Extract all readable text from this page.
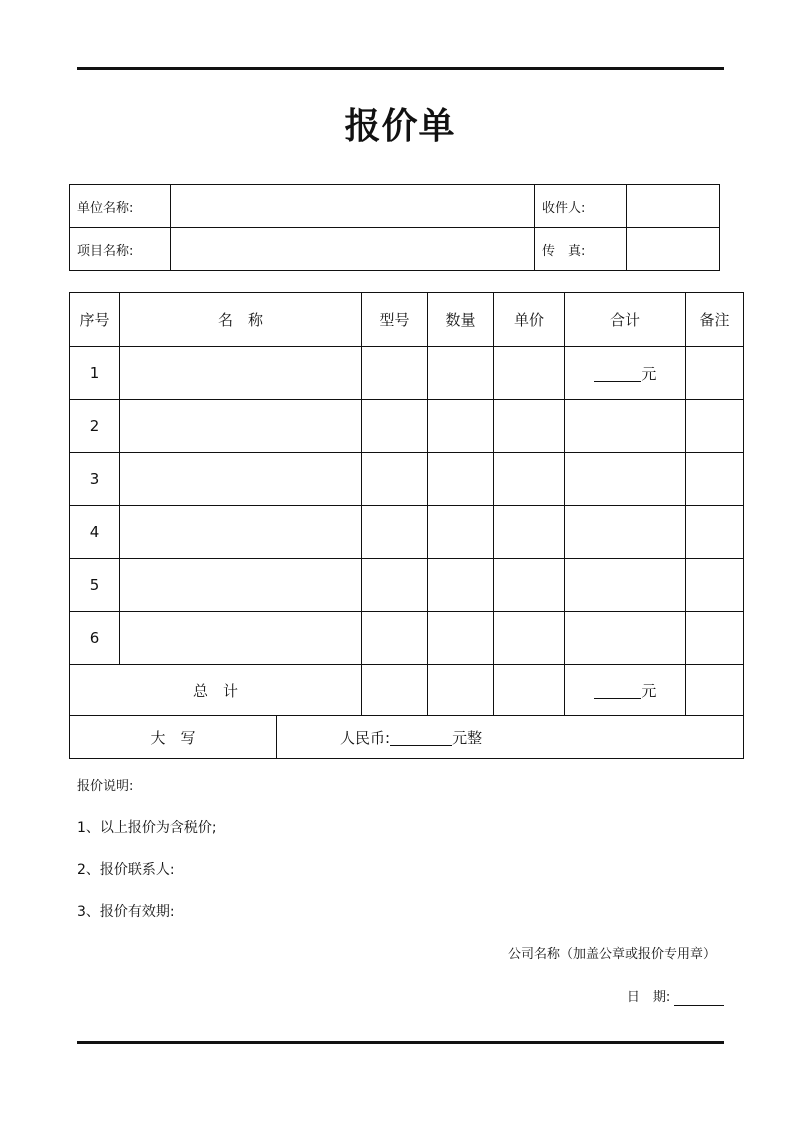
报价单
单位名称:		收件人:	
项目名称:		传　真:	
序号	名　称		型号	数量	单价	合计	备注
1						元	
2							
3							
4							
5							
6							
总　计						元	
大　写		人民币: 元整					
报价说明:
1、以上报价为含税价;
2、报价联系人:
3、报价有效期:
公司名称（加盖公章或报价专用章）
日　期:
